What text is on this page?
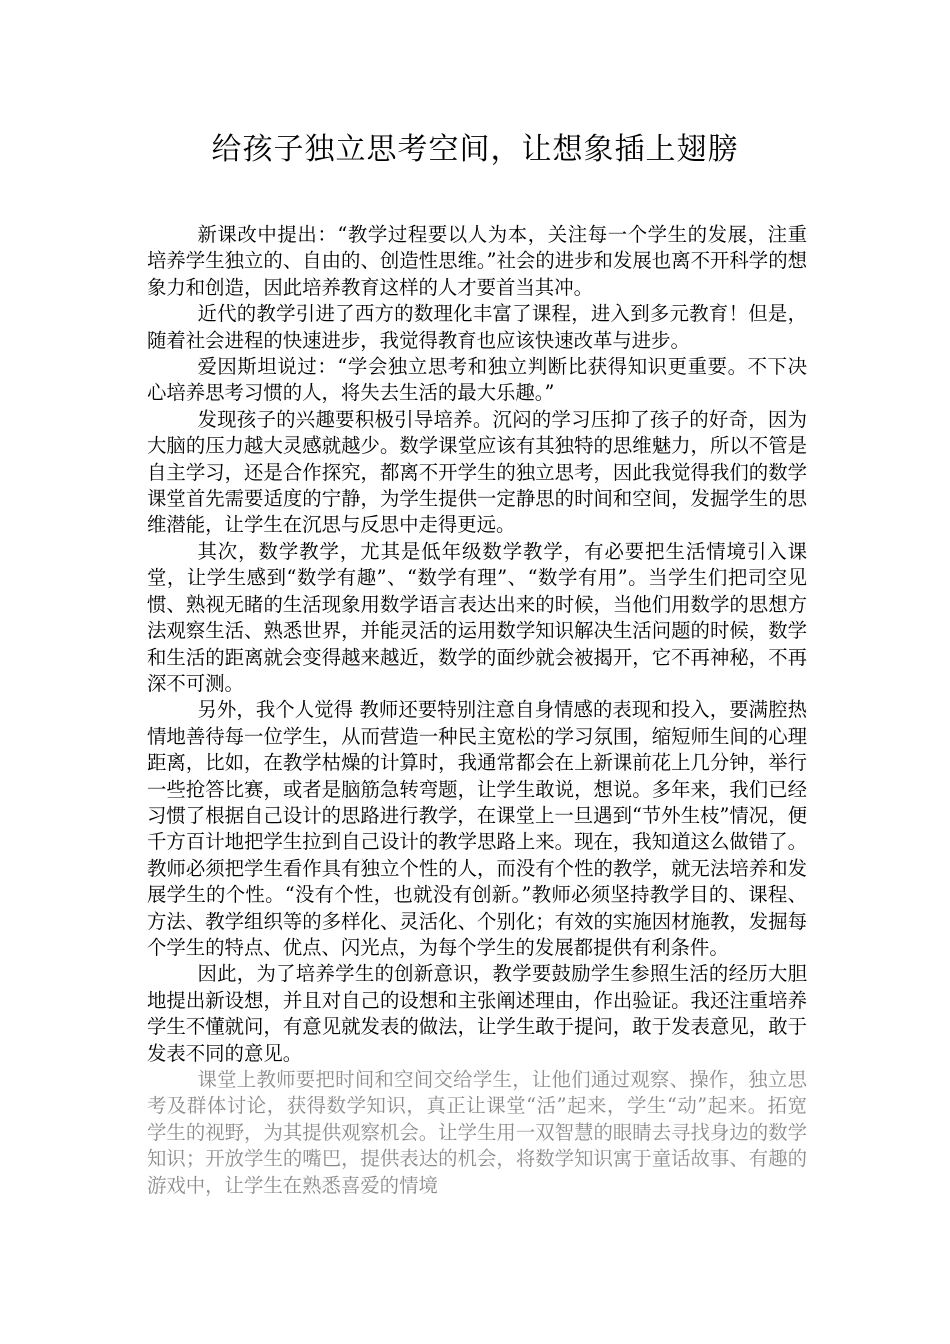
给孩子独立思考空间，让想象插上翅膀

新课改中提出：“教学过程要以人为本，关注每一个学生的发展，注重培养学生独立的、自由的、创造性思维。”社会的进步和发展也离不开科学的想象力和创造，因此培养教育这样的人才要首当其冲。

近代的教学引进了西方的数理化丰富了课程，进入到多元教育！但是，随着社会进程的快速进步，我觉得教育也应该快速改革与进步。

爱因斯坦说过：“学会独立思考和独立判断比获得知识更重要。不下决心培养思考习惯的人，将失去生活的最大乐趣。”

发现孩子的兴趣要积极引导培养。沉闷的学习压抑了孩子的好奇，因为大脑的压力越大灵感就越少。数学课堂应该有其独特的思维魅力，所以不管是自主学习，还是合作探究，都离不开学生的独立思考，因此我觉得我们的数学课堂首先需要适度的宁静，为学生提供一定静思的时间和空间，发掘学生的思维潜能，让学生在沉思与反思中走得更远。

其次，数学教学，尤其是低年级数学教学，有必要把生活情境引入课堂，让学生感到“数学有趣”、“数学有理”、“数学有用”。当学生们把司空见惯、熟视无睹的生活现象用数学语言表达出来的时候，当他们用数学的思想方法观察生活、熟悉世界，并能灵活的运用数学知识解决生活问题的时候，数学和生活的距离就会变得越来越近，数学的面纱就会被揭开，它不再神秘，不再深不可测。

另外，我个人觉得 教师还要特别注意自身情感的表现和投入，要满腔热情地善待每一位学生，从而营造一种民主宽松的学习氛围，缩短师生间的心理距离，比如，在教学枯燥的计算时，我通常都会在上新课前花上几分钟，举行一些抢答比赛，或者是脑筋急转弯题，让学生敢说，想说。多年来，我们已经习惯了根据自己设计的思路进行教学，在课堂上一旦遇到“节外生枝”情况，便千方百计地把学生拉到自己设计的教学思路上来。现在，我知道这么做错了。教师必须把学生看作具有独立个性的人，而没有个性的教学，就无法培养和发展学生的个性。“没有个性，也就没有创新。”教师必须坚持教学目的、课程、方法、教学组织等的多样化、灵活化、个别化；有效的实施因材施教，发掘每个学生的特点、优点、闪光点，为每个学生的发展都提供有利条件。

因此，为了培养学生的创新意识，教学要鼓励学生参照生活的经历大胆地提出新设想，并且对自己的设想和主张阐述理由，作出验证。我还注重培养学生不懂就问，有意见就发表的做法，让学生敢于提问，敢于发表意见，敢于发表不同的意见。

课堂上教师要把时间和空间交给学生，让他们通过观察、操作，独立思考及群体讨论，获得数学知识，真正让课堂“活”起来，学生“动”起来。拓宽学生的视野，为其提供观察机会。让学生用一双智慧的眼睛去寻找身边的数学知识；开放学生的嘴巴，提供表达的机会，将数学知识寓于童话故事、有趣的游戏中，让学生在熟悉喜爱的情境
